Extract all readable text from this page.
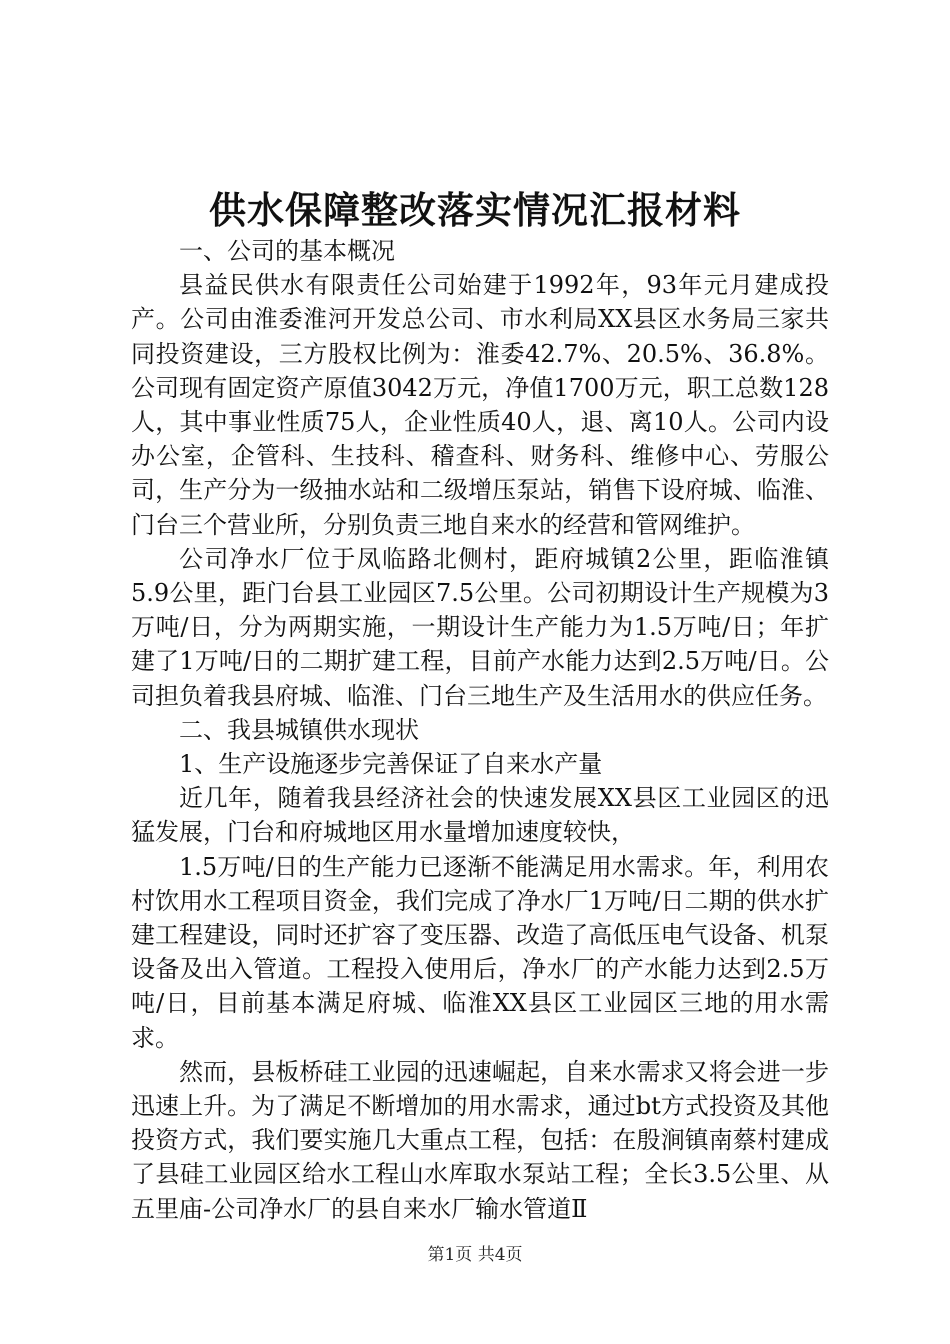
供水保障整改落实情况汇报材料

一、公司的基本概况

县益民供水有限责任公司始建于1992年，93年元月建成投产。公司由淮委淮河开发总公司、市水利局XX县区水务局三家共同投资建设，三方股权比例为：淮委42.7%、20.5%、36.8%。公司现有固定资产原值3042万元，净值1700万元，职工总数128人，其中事业性质75人，企业性质40人，退、离10人。公司内设办公室，企管科、生技科、稽查科、财务科、维修中心、劳服公司，生产分为一级抽水站和二级增压泵站，销售下设府城、临淮、门台三个营业所，分别负责三地自来水的经营和管网维护。

公司净水厂位于凤临路北侧村，距府城镇2公里，距临淮镇5.9公里，距门台县工业园区7.5公里。公司初期设计生产规模为3万吨/日，分为两期实施，一期设计生产能力为1.5万吨/日；年扩建了1万吨/日的二期扩建工程，目前产水能力达到2.5万吨/日。公司担负着我县府城、临淮、门台三地生产及生活用水的供应任务。

二、我县城镇供水现状

1、生产设施逐步完善保证了自来水产量

近几年，随着我县经济社会的快速发展XX县区工业园区的迅猛发展，门台和府城地区用水量增加速度较快，

1.5万吨/日的生产能力已逐渐不能满足用水需求。年，利用农村饮用水工程项目资金，我们完成了净水厂1万吨/日二期的供水扩建工程建设，同时还扩容了变压器、改造了高低压电气设备、机泵设备及出入管道。工程投入使用后，净水厂的产水能力达到2.5万吨/日，目前基本满足府城、临淮XX县区工业园区三地的用水需求。

然而，县板桥硅工业园的迅速崛起，自来水需求又将会进一步迅速上升。为了满足不断增加的用水需求，通过bt方式投资及其他投资方式，我们要实施几大重点工程，包括：在殷涧镇南蔡村建成了县硅工业园区给水工程山水库取水泵站工程；全长3.5公里、从五里庙-公司净水厂的县自来水厂输水管道Ⅱ

第1页 共4页
